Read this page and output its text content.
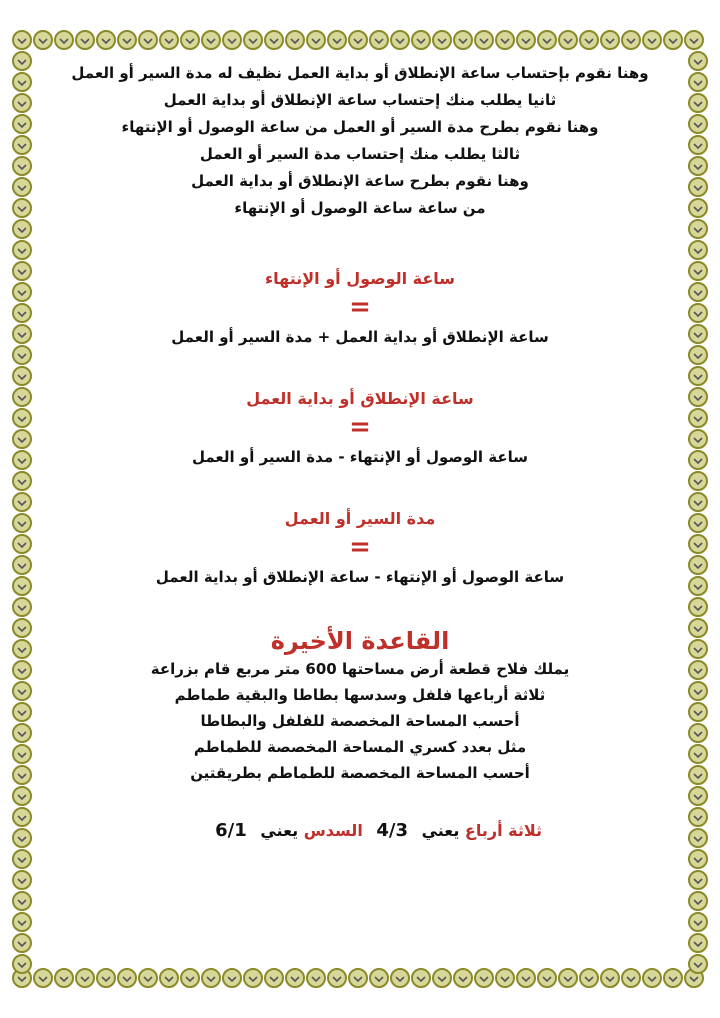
وهنا نقوم بإحتساب ساعة الإنطلاق أو بداية العمل نظيف له مدة السير أو العمل

ثانيا يطلب منك إحتساب ساعة الإنطلاق أو بداية العمل

وهنا نقوم بطرح مدة السير أو العمل من ساعة الوصول أو الإنتهاء

ثالثا يطلب منك إحتساب مدة السير أو العمل

وهنا نقوم بطرح ساعة الإنطلاق أو بداية العمل

من ساعة ساعة الوصول أو الإنتهاء

ساعة الوصول أو الإنتهاء
=
ساعة الإنطلاق أو بداية العمل + مدة السير أو العمل
ساعة الإنطلاق أو بداية العمل
=
ساعة الوصول أو الإنتهاء - مدة السير أو العمل
مدة السير أو العمل
=
ساعة الوصول أو الإنتهاء - ساعة الإنطلاق أو بداية العمل
القاعدة الأخيرة

يملك فلاح قطعة أرض مساحتها 600 متر مربع قام بزراعة

ثلاثة أرباعها فلفل وسدسها بطاطا والبقية طماطم

أحسب المساحة المخصصة للفلفل والبطاطا

مثل بعدد كسري المساحة المخصصة للطماطم

أحسب المساحة المخصصة للطماطم بطريقتين

ثلاثة أرباع يعني 4/3 السدس يعني 6/1
